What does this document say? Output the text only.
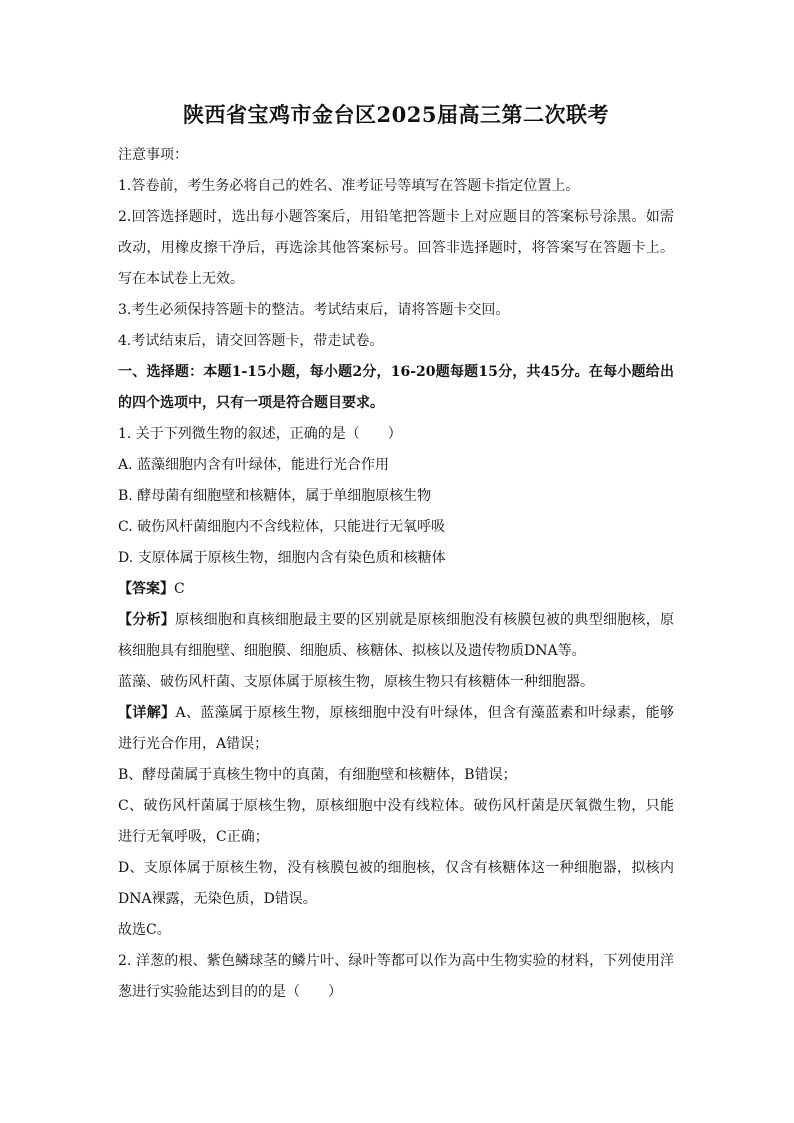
陕西省宝鸡市金台区2025届高三第二次联考
注意事项：
1.答卷前，考生务必将自己的姓名、准考证号等填写在答题卡指定位置上。
2.回答选择题时，选出每小题答案后，用铅笔把答题卡上对应题目的答案标号涂黑。如需改动，用橡皮擦干净后，再选涂其他答案标号。回答非选择题时，将答案写在答题卡上。写在本试卷上无效。
3.考生必须保持答题卡的整洁。考试结束后，请将答题卡交回。
4.考试结束后，请交回答题卡，带走试卷。
一、选择题：本题1-15小题，每小题2分，16-20题每题15分，共45分。在每小题给出的四个选项中，只有一项是符合题目要求。
1. 关于下列微生物的叙述，正确的是（　　）
A. 蓝藻细胞内含有叶绿体，能进行光合作用
B. 酵母菌有细胞壁和核糖体，属于单细胞原核生物
C. 破伤风杆菌细胞内不含线粒体，只能进行无氧呼吸
D. 支原体属于原核生物，细胞内含有染色质和核糖体
【答案】C
【分析】原核细胞和真核细胞最主要的区别就是原核细胞没有核膜包被的典型细胞核，原核细胞具有细胞壁、细胞膜、细胞质、核糖体、拟核以及遗传物质DNA等。
蓝藻、破伤风杆菌、支原体属于原核生物，原核生物只有核糖体一种细胞器。
【详解】A、蓝藻属于原核生物，原核细胞中没有叶绿体，但含有藻蓝素和叶绿素，能够进行光合作用，A错误；
B、酵母菌属于真核生物中的真菌，有细胞壁和核糖体，B错误；
C、破伤风杆菌属于原核生物，原核细胞中没有线粒体。破伤风杆菌是厌氧微生物，只能进行无氧呼吸，C正确；
D、支原体属于原核生物，没有核膜包被的细胞核，仅含有核糖体这一种细胞器，拟核内DNA裸露，无染色质，D错误。
故选C。
2. 洋葱的根、紫色鳞球茎的鳞片叶、绿叶等都可以作为高中生物实验的材料，下列使用洋葱进行实验能达到目的的是（　　）
